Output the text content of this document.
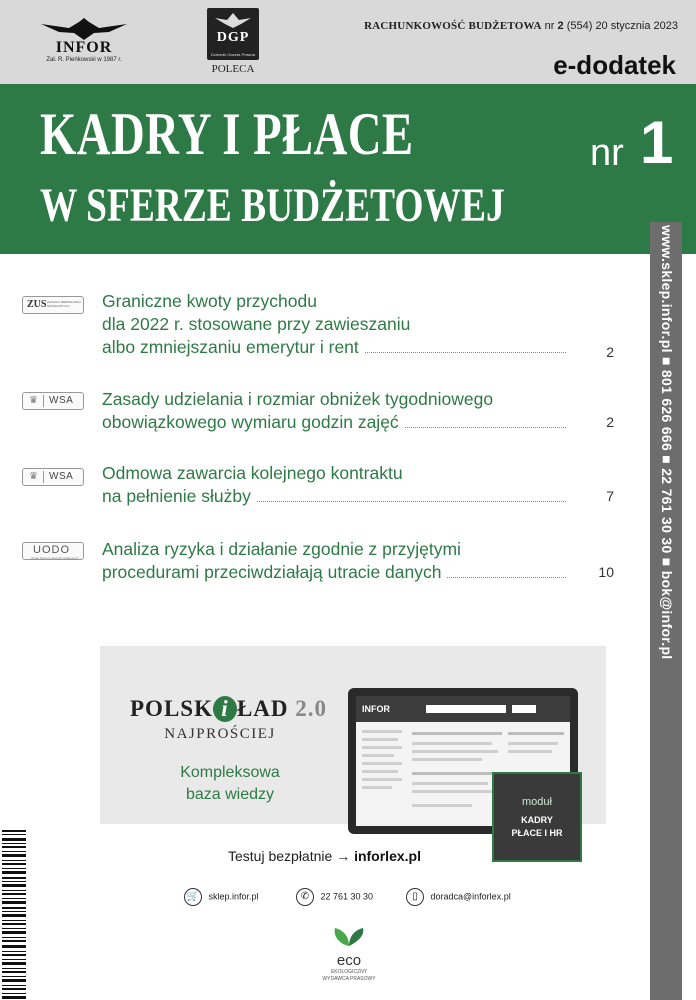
INFOR
Zał. R. Pieńkowski w 1987 r.
DGP
Dziennik Gazeta Prawna
POLECA
RACHUNKOWOŚĆ BUDŻETOWA nr 2 (554) 20 stycznia 2023
e-dodatek
KADRY I PŁACE
W SFERZE BUDŻETOWEJ
nr 1
www.sklep.infor.pl ■ 801 626 666 ■ 22 761 30 30 ■ bok@infor.pl
ZUS ZAKŁAD UBEZPIECZEŃ SPOŁECZNYCH	Graniczne kwoty przychodu
dla 2022 r. stosowane przy zawieszaniu
albo zmniejszaniu emerytur i rent	2
♛ WSA Zasady udzielania i rozmiar obniżek tygodniowego
obowiązkowego wymiaru godzin zajęć	2
♛ WSA Odmowa zawarcia kolejnego kontraktu
na pełnienie służby	7
UODO
Urząd Ochrony Danych Osobowych Analiza ryzyka i działanie zgodnie z przyjętymi
procedurami przeciwdziałają utracie danych	10
POLSK i ŁAD 2.0
NAJPROŚCIEJ
Kompleksowa
baza wiedzy
INFOR
moduł
KADRY
PŁACE I HR
Testuj bezpłatnie → inforlex.pl
🛒 sklep.infor.pl	✆ 22 761 30 30	▯ doradca@inforlex.pl
eco
EKOLOGICZNY
WYDAWCA PRASOWY
